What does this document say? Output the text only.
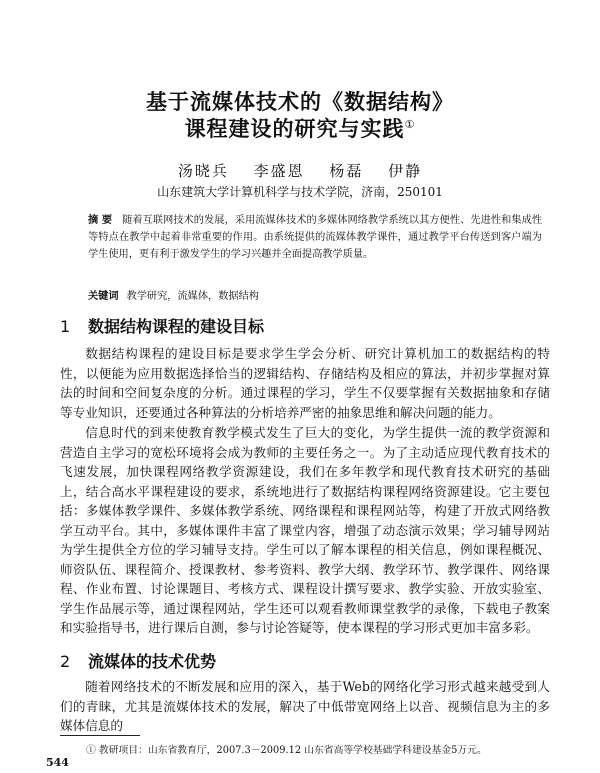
基于流媒体技术的《数据结构》
课程建设的研究与实践①
汤晓兵 李盛恩 杨磊 伊静
山东建筑大学计算机科学与技术学院，济南，250101
摘 要 随着互联网技术的发展，采用流媒体技术的多媒体网络教学系统以其方便性、先进性和集成性等特点在教学中起着非常重要的作用。由系统提供的流媒体教学课件，通过教学平台传送到客户端为学生使用，更有利于激发学生的学习兴趣并全面提高教学质量。
关键词 教学研究，流媒体，数据结构
1 数据结构课程的建设目标
数据结构课程的建设目标是要求学生学会分析、研究计算机加工的数据结构的特性，以便能为应用数据选择恰当的逻辑结构、存储结构及相应的算法，并初步掌握对算法的时间和空间复杂度的分析。通过课程的学习，学生不仅要掌握有关数据抽象和存储等专业知识，还要通过各种算法的分析培养严密的抽象思维和解决问题的能力。
信息时代的到来使教育教学模式发生了巨大的变化，为学生提供一流的教学资源和营造自主学习的宽松环境将会成为教师的主要任务之一。为了主动适应现代教育技术的飞速发展，加快课程网络教学资源建设，我们在多年教学和现代教育技术研究的基础上，结合高水平课程建设的要求，系统地进行了数据结构课程网络资源建设。它主要包括：多媒体教学课件、多媒体教学系统、网络课程和课程网站等，构建了开放式网络教学互动平台。其中，多媒体课件丰富了课堂内容，增强了动态演示效果；学习辅导网站为学生提供全方位的学习辅导支持。学生可以了解本课程的相关信息，例如课程概况、师资队伍、课程简介、授课教材、参考资料、教学大纲、教学环节、教学课件、网络课程、作业布置、讨论课题目、考核方式、课程设计撰写要求、教学实验、开放实验室、学生作品展示等，通过课程网站，学生还可以观看教师课堂教学的录像，下载电子教案和实验指导书，进行课后自测，参与讨论答疑等，使本课程的学习形式更加丰富多彩。
2 流媒体的技术优势
随着网络技术的不断发展和应用的深入，基于Web的网络化学习形式越来越受到人们的青睐，尤其是流媒体技术的发展，解决了中低带宽网络上以音、视频信息为主的多媒体信息的
① 教研项目：山东省教育厅，2007.3－2009.12 山东省高等学校基础学科建设基金5万元。
544
